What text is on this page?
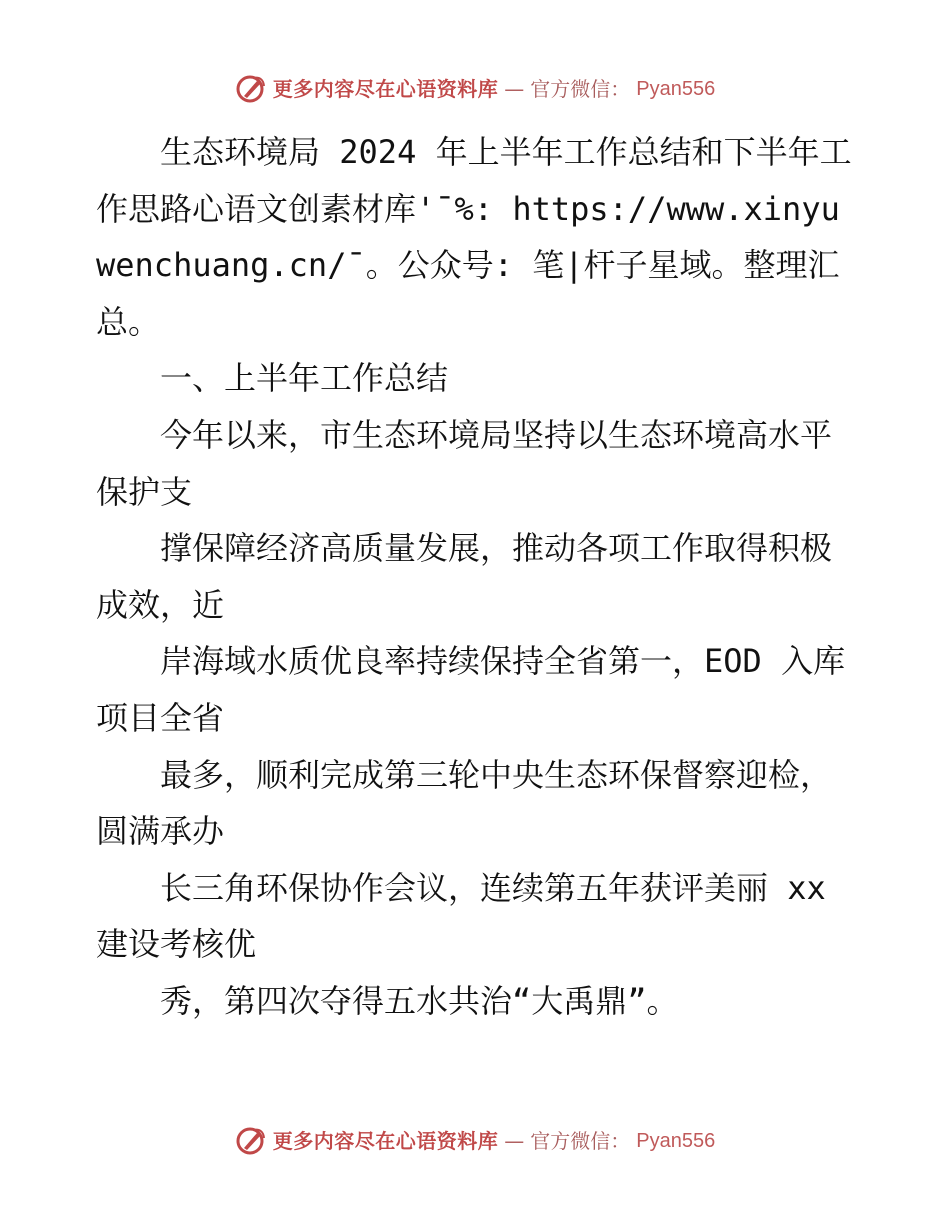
更多内容尽在心语资料库 — 官方微信： Pyan556

生态环境局 2024 年上半年工作总结和下半年工作思路心语文创素材库'¯%: https://www.xinyuwenchuang.cn/¯。公众号: 笔|杆子星域。整理汇

总。

一、上半年工作总结

今年以来，市生态环境局坚持以生态环境高水平保护支

撑保障经济高质量发展，推动各项工作取得积极成效，近

岸海域水质优良率持续保持全省第一，EOD 入库项目全省

最多，顺利完成第三轮中央生态环保督察迎检，圆满承办

长三角环保协作会议，连续第五年获评美丽 xx 建设考核优

秀，第四次夺得五水共治“大禹鼎”。

更多内容尽在心语资料库 — 官方微信： Pyan556
